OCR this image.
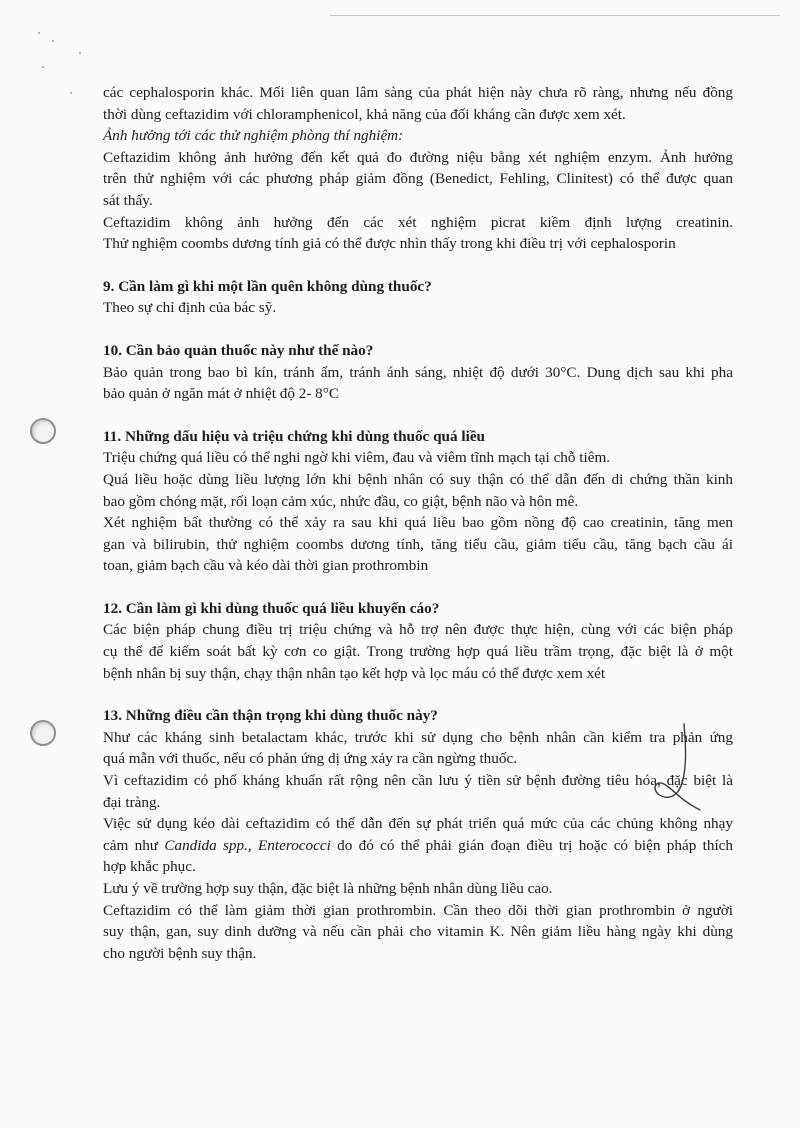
các cephalosporin khác. Mối liên quan lâm sàng của phát hiện này chưa rõ ràng, nhưng nếu đồng

thời dùng ceftazidim với chloramphenicol, khả năng của đối kháng cần được xem xét.

Ảnh hưởng tới các thử nghiệm phòng thí nghiệm:

Ceftazidim không ảnh hưởng đến kết quả đo đường niệu bằng xét nghiệm enzym. Ảnh hưởng

trên thử nghiệm với các phương pháp giảm đồng (Benedict, Fehling, Clinitest) có thể được quan

sát thấy.

Ceftazidim không ảnh hưởng đến các xét nghiệm picrat kiềm định lượng creatinin.

Thử nghiệm coombs dương tính giả có thể được nhìn thấy trong khi điều trị với cephalosporin

9. Cần làm gì khi một lần quên không dùng thuốc?

Theo sự chỉ định của bác sỹ.

10. Cần bảo quản thuốc này như thế nào?

Bảo quản trong bao bì kín, tránh ẩm, tránh ánh sáng, nhiệt độ dưới 30°C. Dung dịch sau khi pha

bảo quản ở ngăn mát ở nhiệt độ 2- 8°C

11. Những dấu hiệu và triệu chứng khi dùng thuốc quá liều

Triệu chứng quá liều có thể nghi ngờ khi viêm, đau và viêm tĩnh mạch tại chỗ tiêm.

Quá liều hoặc dùng liều lượng lớn khi bệnh nhân có suy thận có thể dẫn đến di chứng thần kinh

bao gồm chóng mặt, rối loạn cảm xúc, nhức đầu, co giật, bệnh não và hôn mê.

Xét nghiệm bất thường có thể xảy ra sau khi quá liều bao gồm nồng độ cao creatinin, tăng men

gan và bilirubin, thử nghiệm coombs dương tính, tăng tiểu cầu, giảm tiểu cầu, tăng bạch cầu ái

toan, giảm bạch cầu và kéo dài thời gian prothrombin

12. Cần làm gì khi dùng thuốc quá liều khuyến cáo?

Các biện pháp chung điều trị triệu chứng và hỗ trợ nên được thực hiện, cùng với các biện pháp

cụ thể để kiểm soát bất kỳ cơn co giật. Trong trường hợp quá liều trầm trọng, đặc biệt là ở một

bệnh nhân bị suy thận, chạy thận nhân tạo kết hợp và lọc máu có thể được xem xét

13. Những điều cần thận trọng khi dùng thuốc này?

Như các kháng sinh betalactam khác, trước khi sử dụng cho bệnh nhân cần kiểm tra phản ứng

quá mẫn với thuốc, nếu có phản ứng dị ứng xảy ra cần ngừng thuốc.

Vì ceftazidim có phổ kháng khuẩn rất rộng nên cần lưu ý tiền sử bệnh đường tiêu hóa, đặc biệt là

đại tràng.

Việc sử dụng kéo dài ceftazidim có thể dẫn đến sự phát triển quá mức của các chủng không nhạy

cảm như Candida spp., Enterococci do đó có thể phải gián đoạn điều trị hoặc có biện pháp thích

hợp khắc phục.

Lưu ý về trường hợp suy thận, đặc biệt là những bệnh nhân dùng liều cao.

Ceftazidim có thể làm giảm thời gian prothrombin. Cần theo dõi thời gian prothrombin ở người

suy thận, gan, suy dinh dưỡng và nếu cần phải cho vitamin K. Nên giảm liều hàng ngày khi dùng

cho người bệnh suy thận.
